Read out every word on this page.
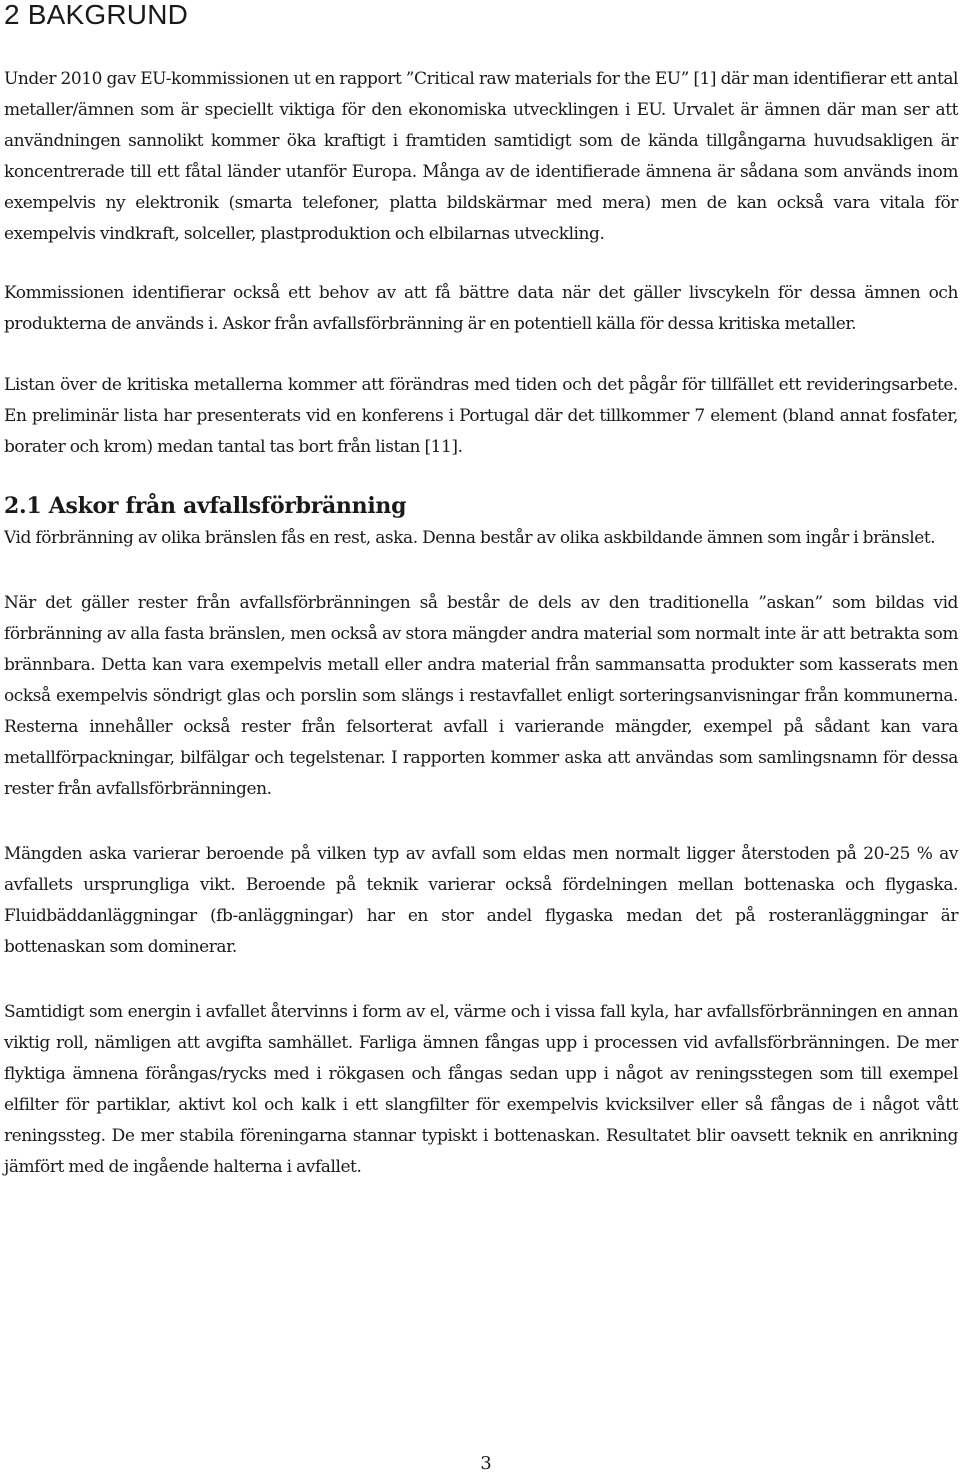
2 BAKGRUND

Under 2010 gav EU-kommissionen ut en rapport ”Critical raw materials for the EU” [1] där man identifierar ett antal metaller/ämnen som är speciellt viktiga för den ekonomiska utvecklingen i EU. Urvalet är ämnen där man ser att användningen sannolikt kommer öka kraftigt i framtiden samtidigt som de kända tillgångarna huvudsakligen är koncentrerade till ett fåtal länder utanför Europa. Många av de identifierade ämnena är sådana som används inom exempelvis ny elektronik (smarta telefoner, platta bildskärmar med mera) men de kan också vara vitala för exempelvis vindkraft, solceller, plastproduktion och elbilarnas utveckling.

Kommissionen identifierar också ett behov av att få bättre data när det gäller livscykeln för dessa ämnen och produkterna de används i. Askor från avfallsförbränning är en potentiell källa för dessa kritiska metaller.

Listan över de kritiska metallerna kommer att förändras med tiden och det pågår för tillfället ett revideringsarbete. En preliminär lista har presenterats vid en konferens i Portugal där det tillkommer 7 element (bland annat fosfater, borater och krom) medan tantal tas bort från listan [11].

2.1 Askor från avfallsförbränning

Vid förbränning av olika bränslen fås en rest, aska. Denna består av olika askbildande ämnen som ingår i bränslet.

När det gäller rester från avfallsförbränningen så består de dels av den traditionella ”askan” som bildas vid förbränning av alla fasta bränslen, men också av stora mängder andra material som normalt inte är att betrakta som brännbara. Detta kan vara exempelvis metall eller andra material från sammansatta produkter som kasserats men också exempelvis söndrigt glas och porslin som slängs i restavfallet enligt sorteringsanvisningar från kommunerna. Resterna innehåller också rester från felsorterat avfall i varierande mängder, exempel på sådant kan vara metallförpackningar, bilfälgar och tegelstenar. I rapporten kommer aska att användas som samlingsnamn för dessa rester från avfallsförbränningen.

Mängden aska varierar beroende på vilken typ av avfall som eldas men normalt ligger återstoden på 20-25 % av avfallets ursprungliga vikt. Beroende på teknik varierar också fördelningen mellan bottenaska och flygaska. Fluidbäddanläggningar (fb-anläggningar) har en stor andel flygaska medan det på rosteranläggningar är bottenaskan som dominerar.

Samtidigt som energin i avfallet återvinns i form av el, värme och i vissa fall kyla, har avfallsförbränningen en annan viktig roll, nämligen att avgifta samhället. Farliga ämnen fångas upp i processen vid avfallsförbränningen. De mer flyktiga ämnena förångas/rycks med i rökgasen och fångas sedan upp i något av reningsstegen som till exempel elfilter för partiklar, aktivt kol och kalk i ett slangfilter för exempelvis kvicksilver eller så fångas de i något vått reningssteg. De mer stabila föreningarna stannar typiskt i bottenaskan. Resultatet blir oavsett teknik en anrikning jämfört med de ingående halterna i avfallet.

3
